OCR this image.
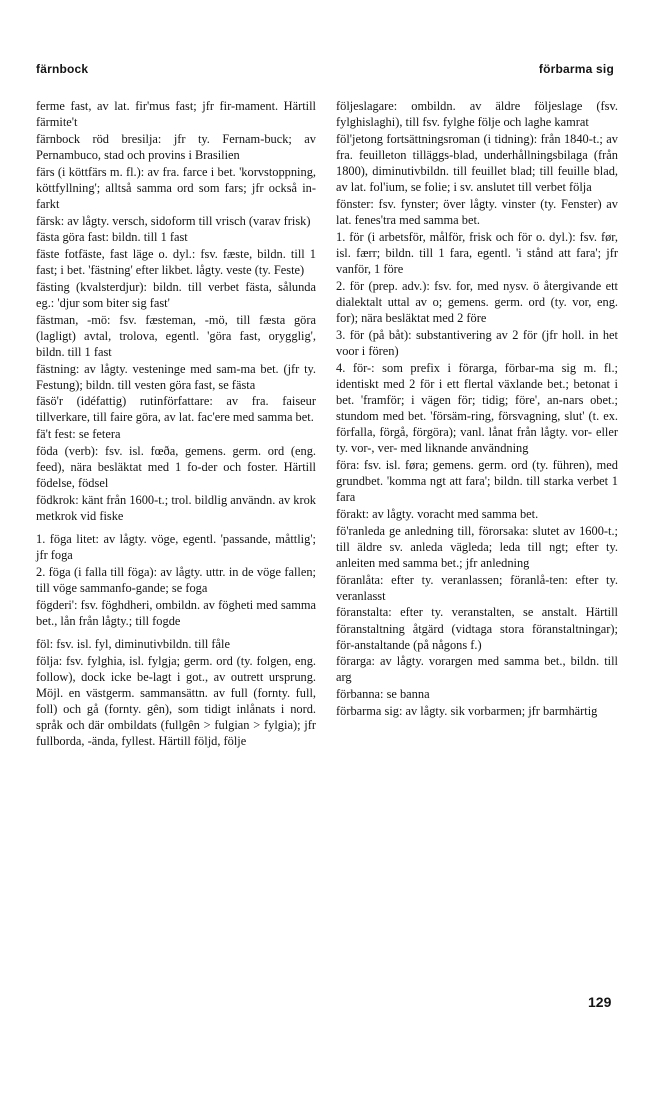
färnbock	förbarma sig

ferme fast, av lat. fir'mus fast; jfr fir-mament. Härtill färmite't

färnbock röd bresilja: jfr ty. Fernam-buck; av Pernambuco, stad och provins i Brasilien

färs (i köttfärs m. fl.): av fra. farce i bet. 'korvstoppning, köttfyllning'; alltså samma ord som fars; jfr också in-farkt

färsk: av lågty. versch, sidoform till vrisch (varav frisk)

fästa göra fast: bildn. till 1 fast

fäste fotfäste, fast läge o. dyl.: fsv. fæste, bildn. till 1 fast; i bet. 'fästning' efter likbet. lågty. veste (ty. Feste)

fästing (kvalsterdjur): bildn. till verbet fästa, sålunda eg.: 'djur som biter sig fast'

fästman, -mö: fsv. fæsteman, -mö, till fæsta göra (lagligt) avtal, trolova, egentl. 'göra fast, orygglig', bildn. till 1 fast

fästning: av lågty. vesteninge med sam-ma bet. (jfr ty. Festung); bildn. till vesten göra fast, se fästa

fäsö'r (idéfattig) rutinförfattare: av fra. faiseur tillverkare, till faire göra, av lat. fac'ere med samma bet.

fä't fest: se fetera

föda (verb): fsv. isl. fœða, gemens. germ. ord (eng. feed), nära besläktat med 1 fo-der och foster. Härtill födelse, födsel

födkrok: känt från 1600-t.; trol. bildlig användn. av krok metkrok vid fiske

1. föga litet: av lågty. vöge, egentl. 'passande, måttlig'; jfr foga

2. föga (i falla till föga): av lågty. uttr. in de vöge fallen; till vöge sammanfo-gande; se foga

fögderi': fsv. föghdheri, ombildn. av fögheti med samma bet., lån från lågty.; till fogde

föl: fsv. isl. fyl, diminutivbildn. till fåle

följa: fsv. fylghia, isl. fylgja; germ. ord (ty. folgen, eng. follow), dock icke be-lagt i got., av outrett ursprung. Möjl. en västgerm. sammansättn. av full (fornty. full, foll) och gå (fornty. gên), som tidigt inlånats i nord. språk och där ombildats (fullgên > fulgian > fylgia); jfr fullborda, -ända, fyllest. Härtill följd, följe

följeslagare: ombildn. av äldre följeslage (fsv. fylghislaghi), till fsv. fylghe följe och laghe kamrat

föl'jetong fortsättningsroman (i tidning): från 1840-t.; av fra. feuilleton tilläggs-blad, underhållningsbilaga (från 1800), diminutivbildn. till feuillet blad; till feuille blad, av lat. fol'ium, se folie; i sv. anslutet till verbet följa

fönster: fsv. fynster; över lågty. vinster (ty. Fenster) av lat. fenes'tra med samma bet.

1. för (i arbetsför, målför, frisk och för o. dyl.): fsv. før, isl. færr; bildn. till 1 fara, egentl. 'i stånd att fara'; jfr vanför, 1 före

2. för (prep. adv.): fsv. for, med nysv. ö återgivande ett dialektalt uttal av o; gemens. germ. ord (ty. vor, eng. for); nära besläktat med 2 före

3. för (på båt): substantivering av 2 för (jfr holl. in het voor i fören)

4. för-: som prefix i förarga, förbar-ma sig m. fl.; identiskt med 2 för i ett flertal växlande bet.; betonat i bet. 'framför; i vägen för; tidig; före', an-nars obet.; stundom med bet. 'försäm-ring, försvagning, slut' (t. ex. förfalla, förgå, förgöra); vanl. lånat från lågty. vor- eller ty. vor-, ver- med liknande användning

föra: fsv. isl. føra; gemens. germ. ord (ty. führen), med grundbet. 'komma ngt att fara'; bildn. till starka verbet 1 fara

förakt: av lågty. voracht med samma bet.

fö'ranleda ge anledning till, förorsaka: slutet av 1600-t.; till äldre sv. anleda vägleda; leda till ngt; efter ty. anleiten med samma bet.; jfr anledning

föranlåta: efter ty. veranlassen; föranlå-ten: efter ty. veranlasst

föranstalta: efter ty. veranstalten, se anstalt. Härtill föranstaltning åtgärd (vidtaga stora föranstaltningar); för-anstaltande (på någons f.)

förarga: av lågty. vorargen med samma bet., bildn. till arg

förbanna: se banna

förbarma sig: av lågty. sik vorbarmen; jfr barmhärtig

129
